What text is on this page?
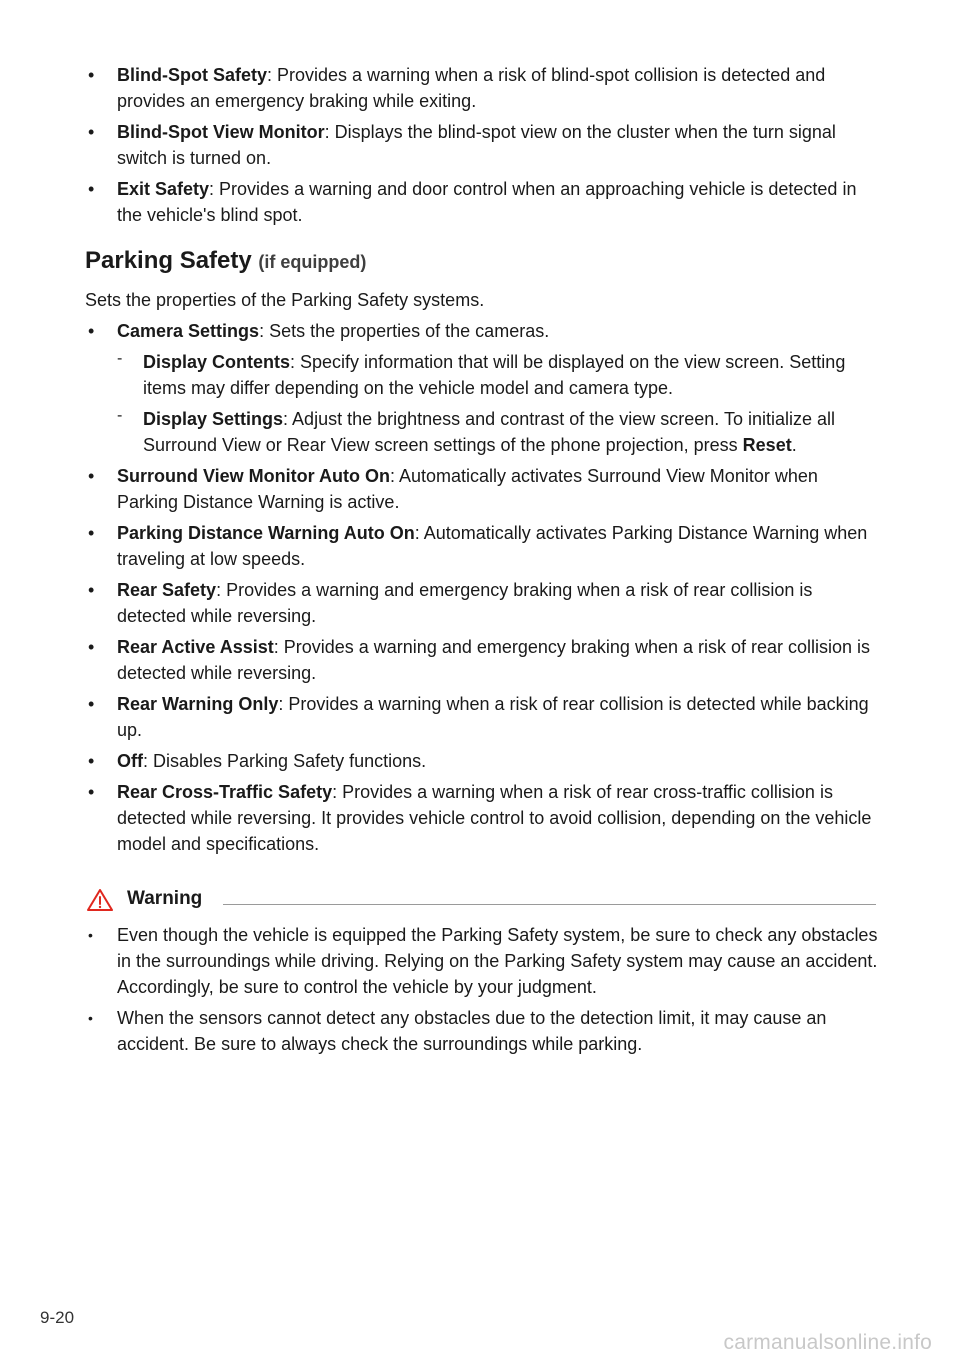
• Blind-Spot Safety: Provides a warning when a risk of blind-spot collision is detected and provides an emergency braking while exiting.
• Blind-Spot View Monitor: Displays the blind-spot view on the cluster when the turn signal switch is turned on.
• Exit Safety: Provides a warning and door control when an approaching vehicle is detected in the vehicle's blind spot.
Parking Safety (if equipped)

Sets the properties of the Parking Safety systems.

• Camera Settings: Sets the properties of the cameras.
- Display Contents: Specify information that will be displayed on the view screen. Setting items may differ depending on the vehicle model and camera type.
- Display Settings: Adjust the brightness and contrast of the view screen. To initialize all Surround View or Rear View screen settings of the phone projection, press Reset.
• Surround View Monitor Auto On: Automatically activates Surround View Monitor when Parking Distance Warning is active.
• Parking Distance Warning Auto On: Automatically activates Parking Distance Warning when traveling at low speeds.
• Rear Safety: Provides a warning and emergency braking when a risk of rear collision is detected while reversing.
• Rear Active Assist: Provides a warning and emergency braking when a risk of rear collision is detected while reversing.
• Rear Warning Only: Provides a warning when a risk of rear collision is detected while backing up.
• Off: Disables Parking Safety functions.
• Rear Cross-Traffic Safety: Provides a warning when a risk of rear cross-traffic collision is detected while reversing. It provides vehicle control to avoid collision, depending on the vehicle model and specifications.
Warning
• Even though the vehicle is equipped the Parking Safety system, be sure to check any obstacles in the surroundings while driving. Relying on the Parking Safety system may cause an accident. Accordingly, be sure to control the vehicle by your judgment.
• When the sensors cannot detect any obstacles due to the detection limit, it may cause an accident. Be sure to always check the surroundings while parking.
9-20
carmanualsonline.info
